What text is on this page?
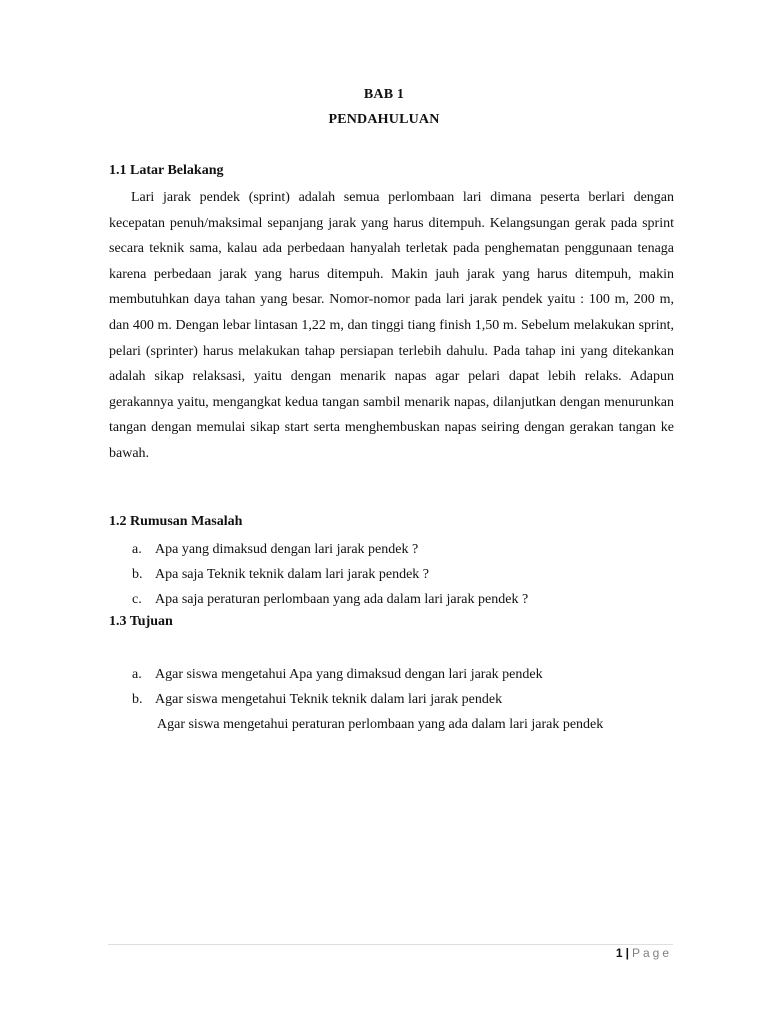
BAB 1
PENDAHULUAN
1.1 Latar Belakang

Lari jarak pendek (sprint) adalah semua perlombaan lari dimana peserta berlari dengan kecepatan penuh/maksimal sepanjang jarak yang harus ditempuh. Kelangsungan gerak pada sprint secara teknik sama, kalau ada perbedaan hanyalah terletak pada penghematan penggunaan tenaga karena perbedaan jarak yang harus ditempuh. Makin jauh jarak yang harus ditempuh, makin membutuhkan daya tahan yang besar. Nomor-nomor pada lari jarak pendek yaitu : 100 m, 200 m, dan 400 m. Dengan lebar lintasan 1,22 m, dan tinggi tiang finish 1,50 m. Sebelum melakukan sprint, pelari (sprinter) harus melakukan tahap persiapan terlebih dahulu. Pada tahap ini yang ditekankan adalah sikap relaksasi, yaitu dengan menarik napas agar pelari dapat lebih relaks. Adapun gerakannya yaitu, mengangkat kedua tangan sambil menarik napas, dilanjutkan dengan menurunkan tangan dengan memulai sikap start serta menghembuskan napas seiring dengan gerakan tangan ke bawah.

1.2 Rumusan Masalah
a. Apa yang dimaksud dengan lari jarak pendek ?
b. Apa saja Teknik teknik dalam lari jarak pendek ?
c. Apa saja peraturan perlombaan yang ada dalam lari jarak pendek ?
1.3 Tujuan
a. Agar siswa mengetahui Apa yang dimaksud dengan lari jarak pendek
b. Agar siswa mengetahui Teknik teknik dalam lari jarak pendek
Agar siswa mengetahui peraturan perlombaan yang ada dalam lari jarak pendek
1 | Page
